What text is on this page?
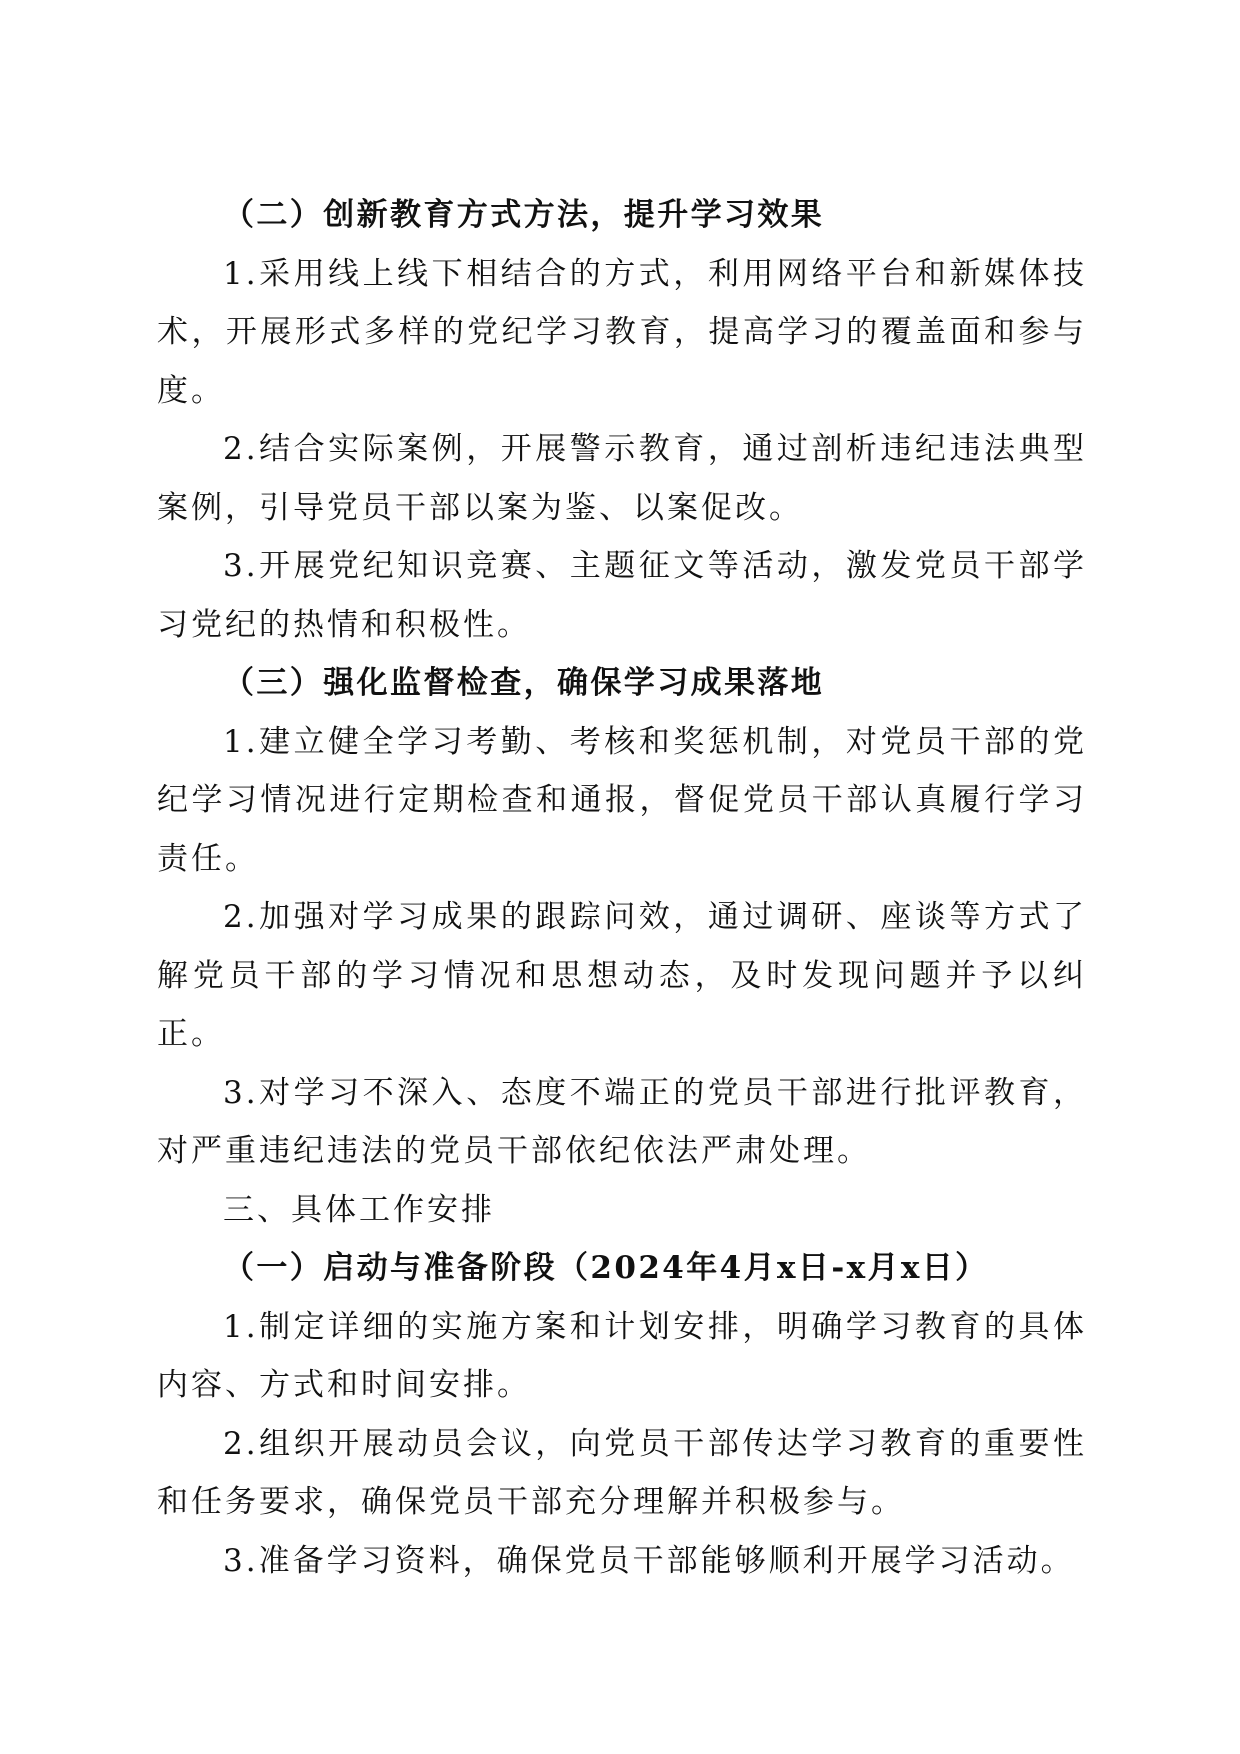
（二）创新教育方式方法，提升学习效果

1.采用线上线下相结合的方式，利用网络平台和新媒体技术，开展形式多样的党纪学习教育，提高学习的覆盖面和参与度。

2.结合实际案例，开展警示教育，通过剖析违纪违法典型案例，引导党员干部以案为鉴、以案促改。

3.开展党纪知识竞赛、主题征文等活动，激发党员干部学习党纪的热情和积极性。

（三）强化监督检查，确保学习成果落地

1.建立健全学习考勤、考核和奖惩机制，对党员干部的党纪学习情况进行定期检查和通报，督促党员干部认真履行学习责任。

2.加强对学习成果的跟踪问效，通过调研、座谈等方式了解党员干部的学习情况和思想动态，及时发现问题并予以纠正。

3.对学习不深入、态度不端正的党员干部进行批评教育，对严重违纪违法的党员干部依纪依法严肃处理。

三、具体工作安排

（一）启动与准备阶段（2024年4月x日-x月x日）

1.制定详细的实施方案和计划安排，明确学习教育的具体内容、方式和时间安排。

2.组织开展动员会议，向党员干部传达学习教育的重要性和任务要求，确保党员干部充分理解并积极参与。

3.准备学习资料，确保党员干部能够顺利开展学习活动。
